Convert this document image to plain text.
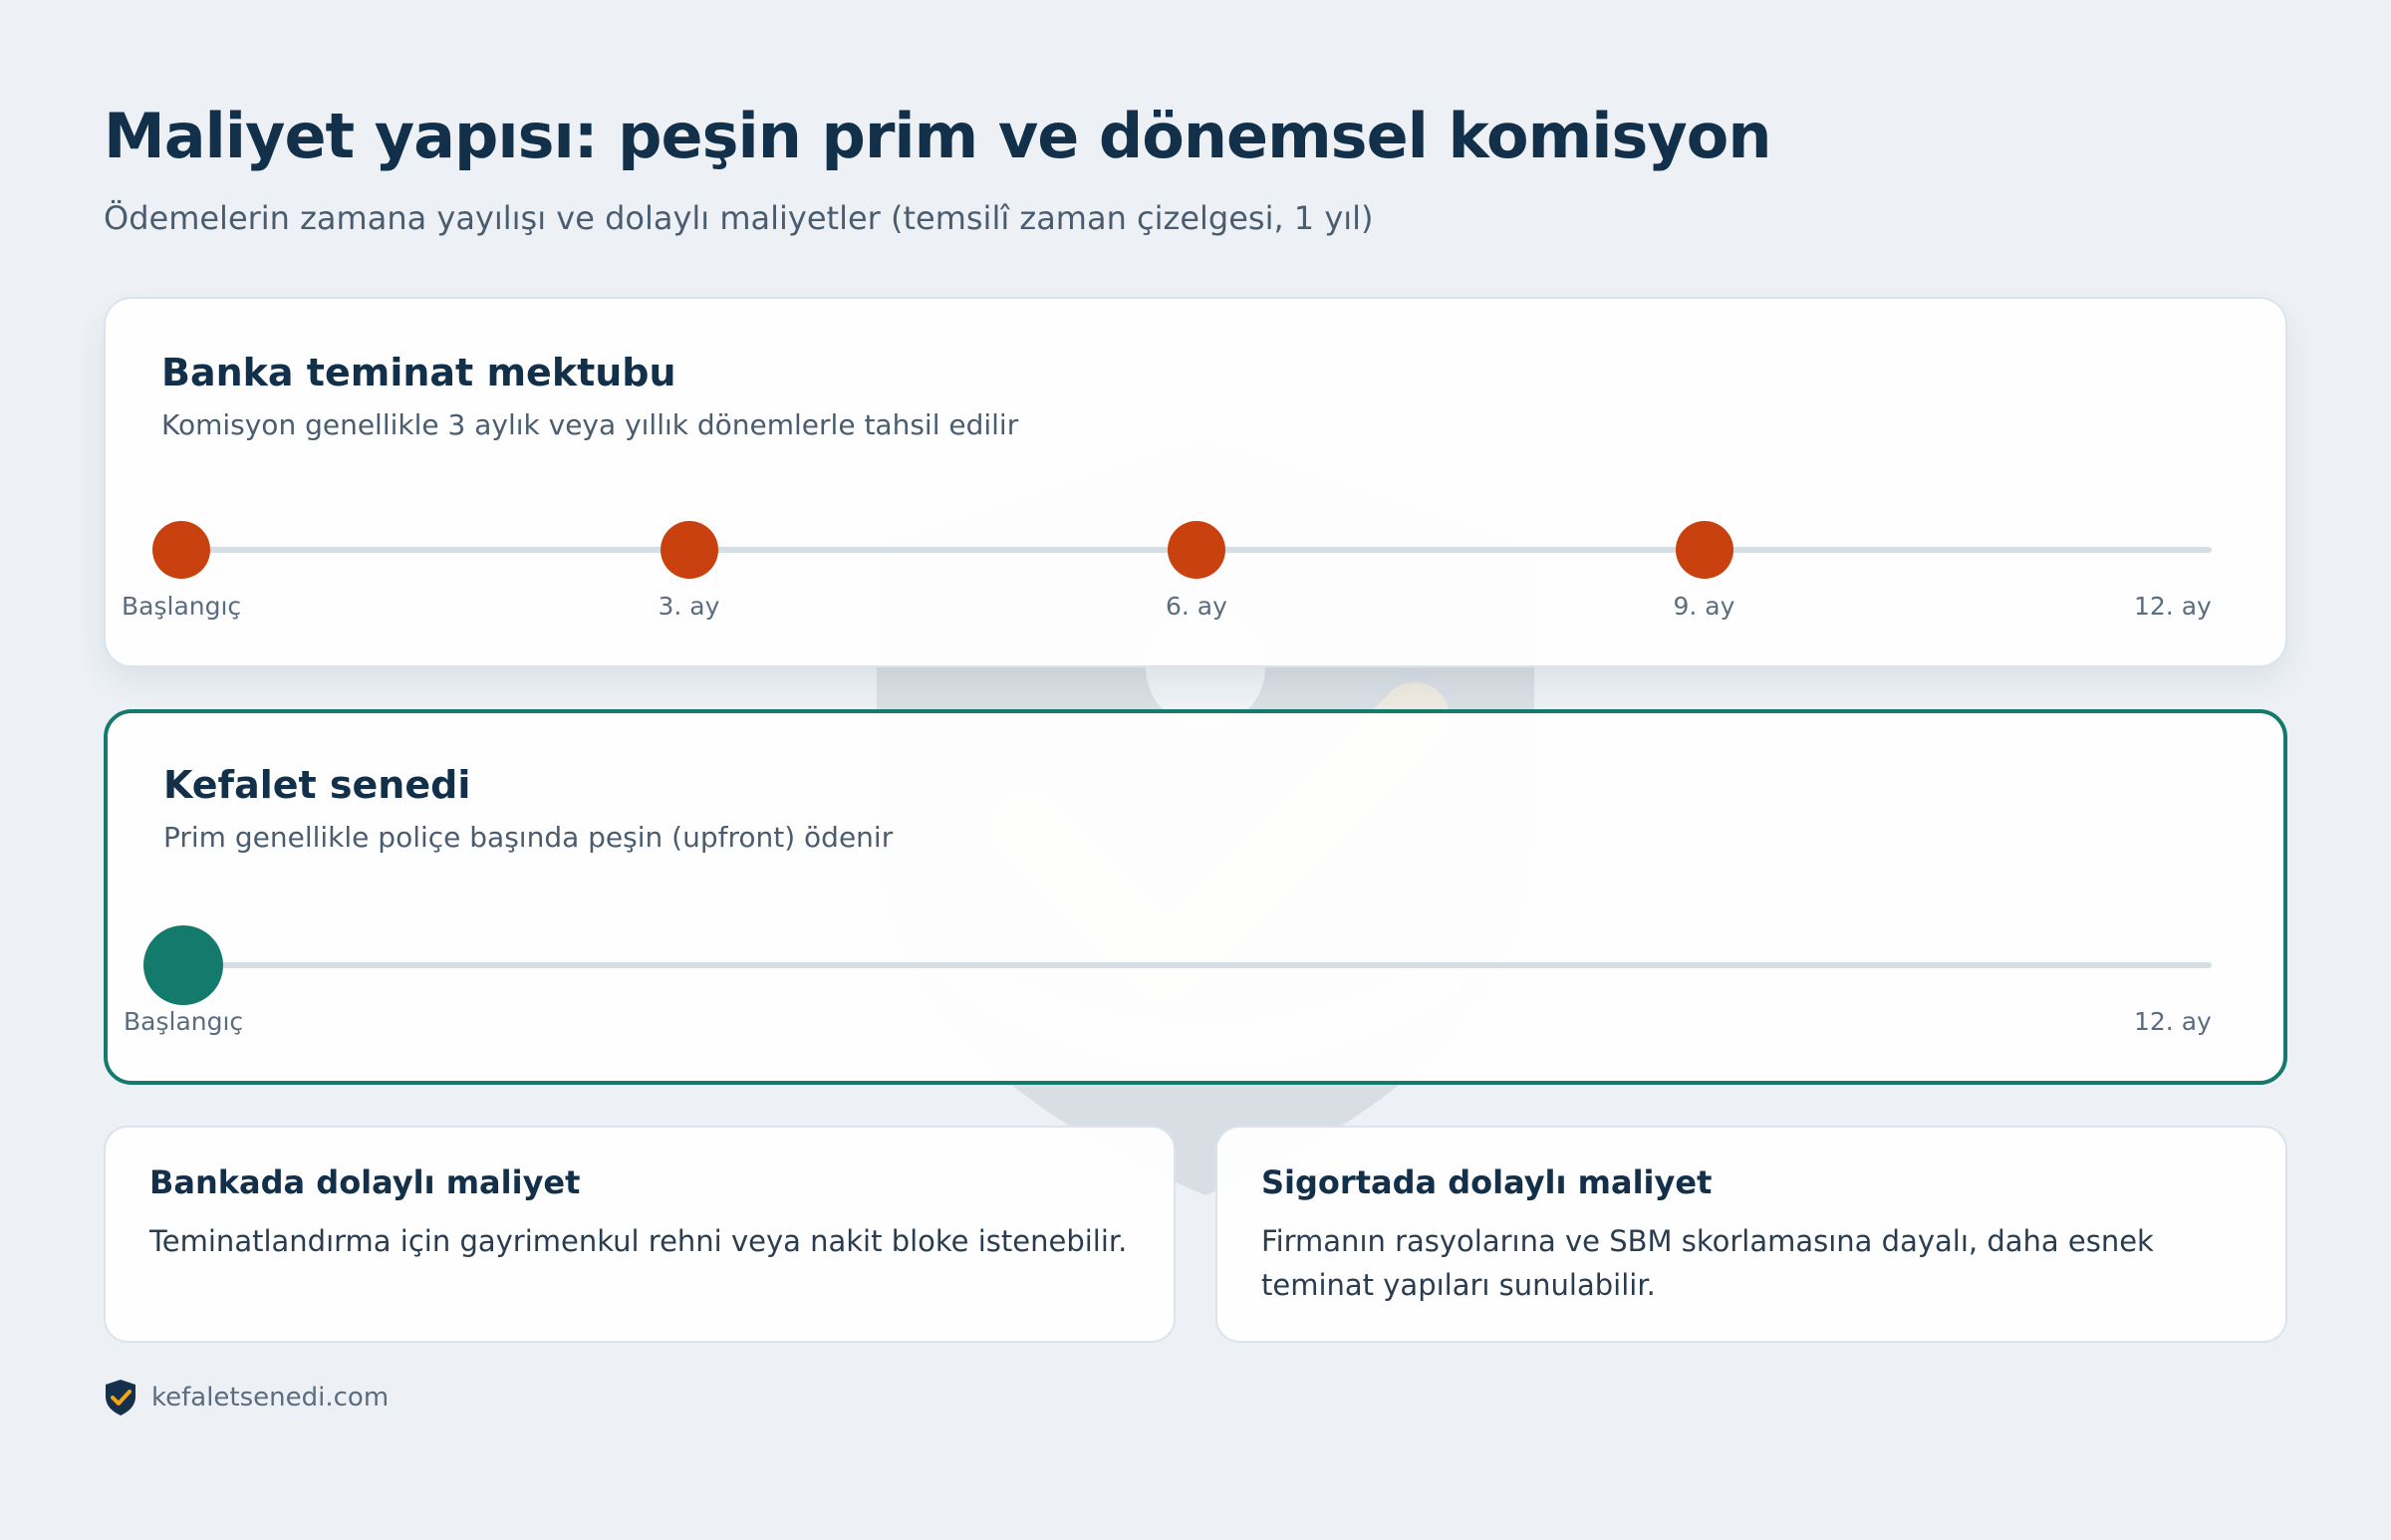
Maliyet yapısı: peşin prim ve dönemsel komisyon
Ödemelerin zamana yayılışı ve dolaylı maliyetler (temsilî zaman çizelgesi, 1 yıl)
Banka teminat mektubu
Komisyon genellikle 3 aylık veya yıllık dönemlerle tahsil edilir
Başlangıç	3. ay	6. ay	9. ay	12. ay
Kefalet senedi
Prim genellikle poliçe başında peşin (upfront) ödenir
Başlangıç	12. ay
Bankada dolaylı maliyet
Teminatlandırma için gayrimenkul rehni veya nakit bloke istenebilir.
Sigortada dolaylı maliyet
Firmanın rasyolarına ve SBM skorlamasına dayalı, daha esnek teminat yapıları sunulabilir.
kefaletsenedi.com
